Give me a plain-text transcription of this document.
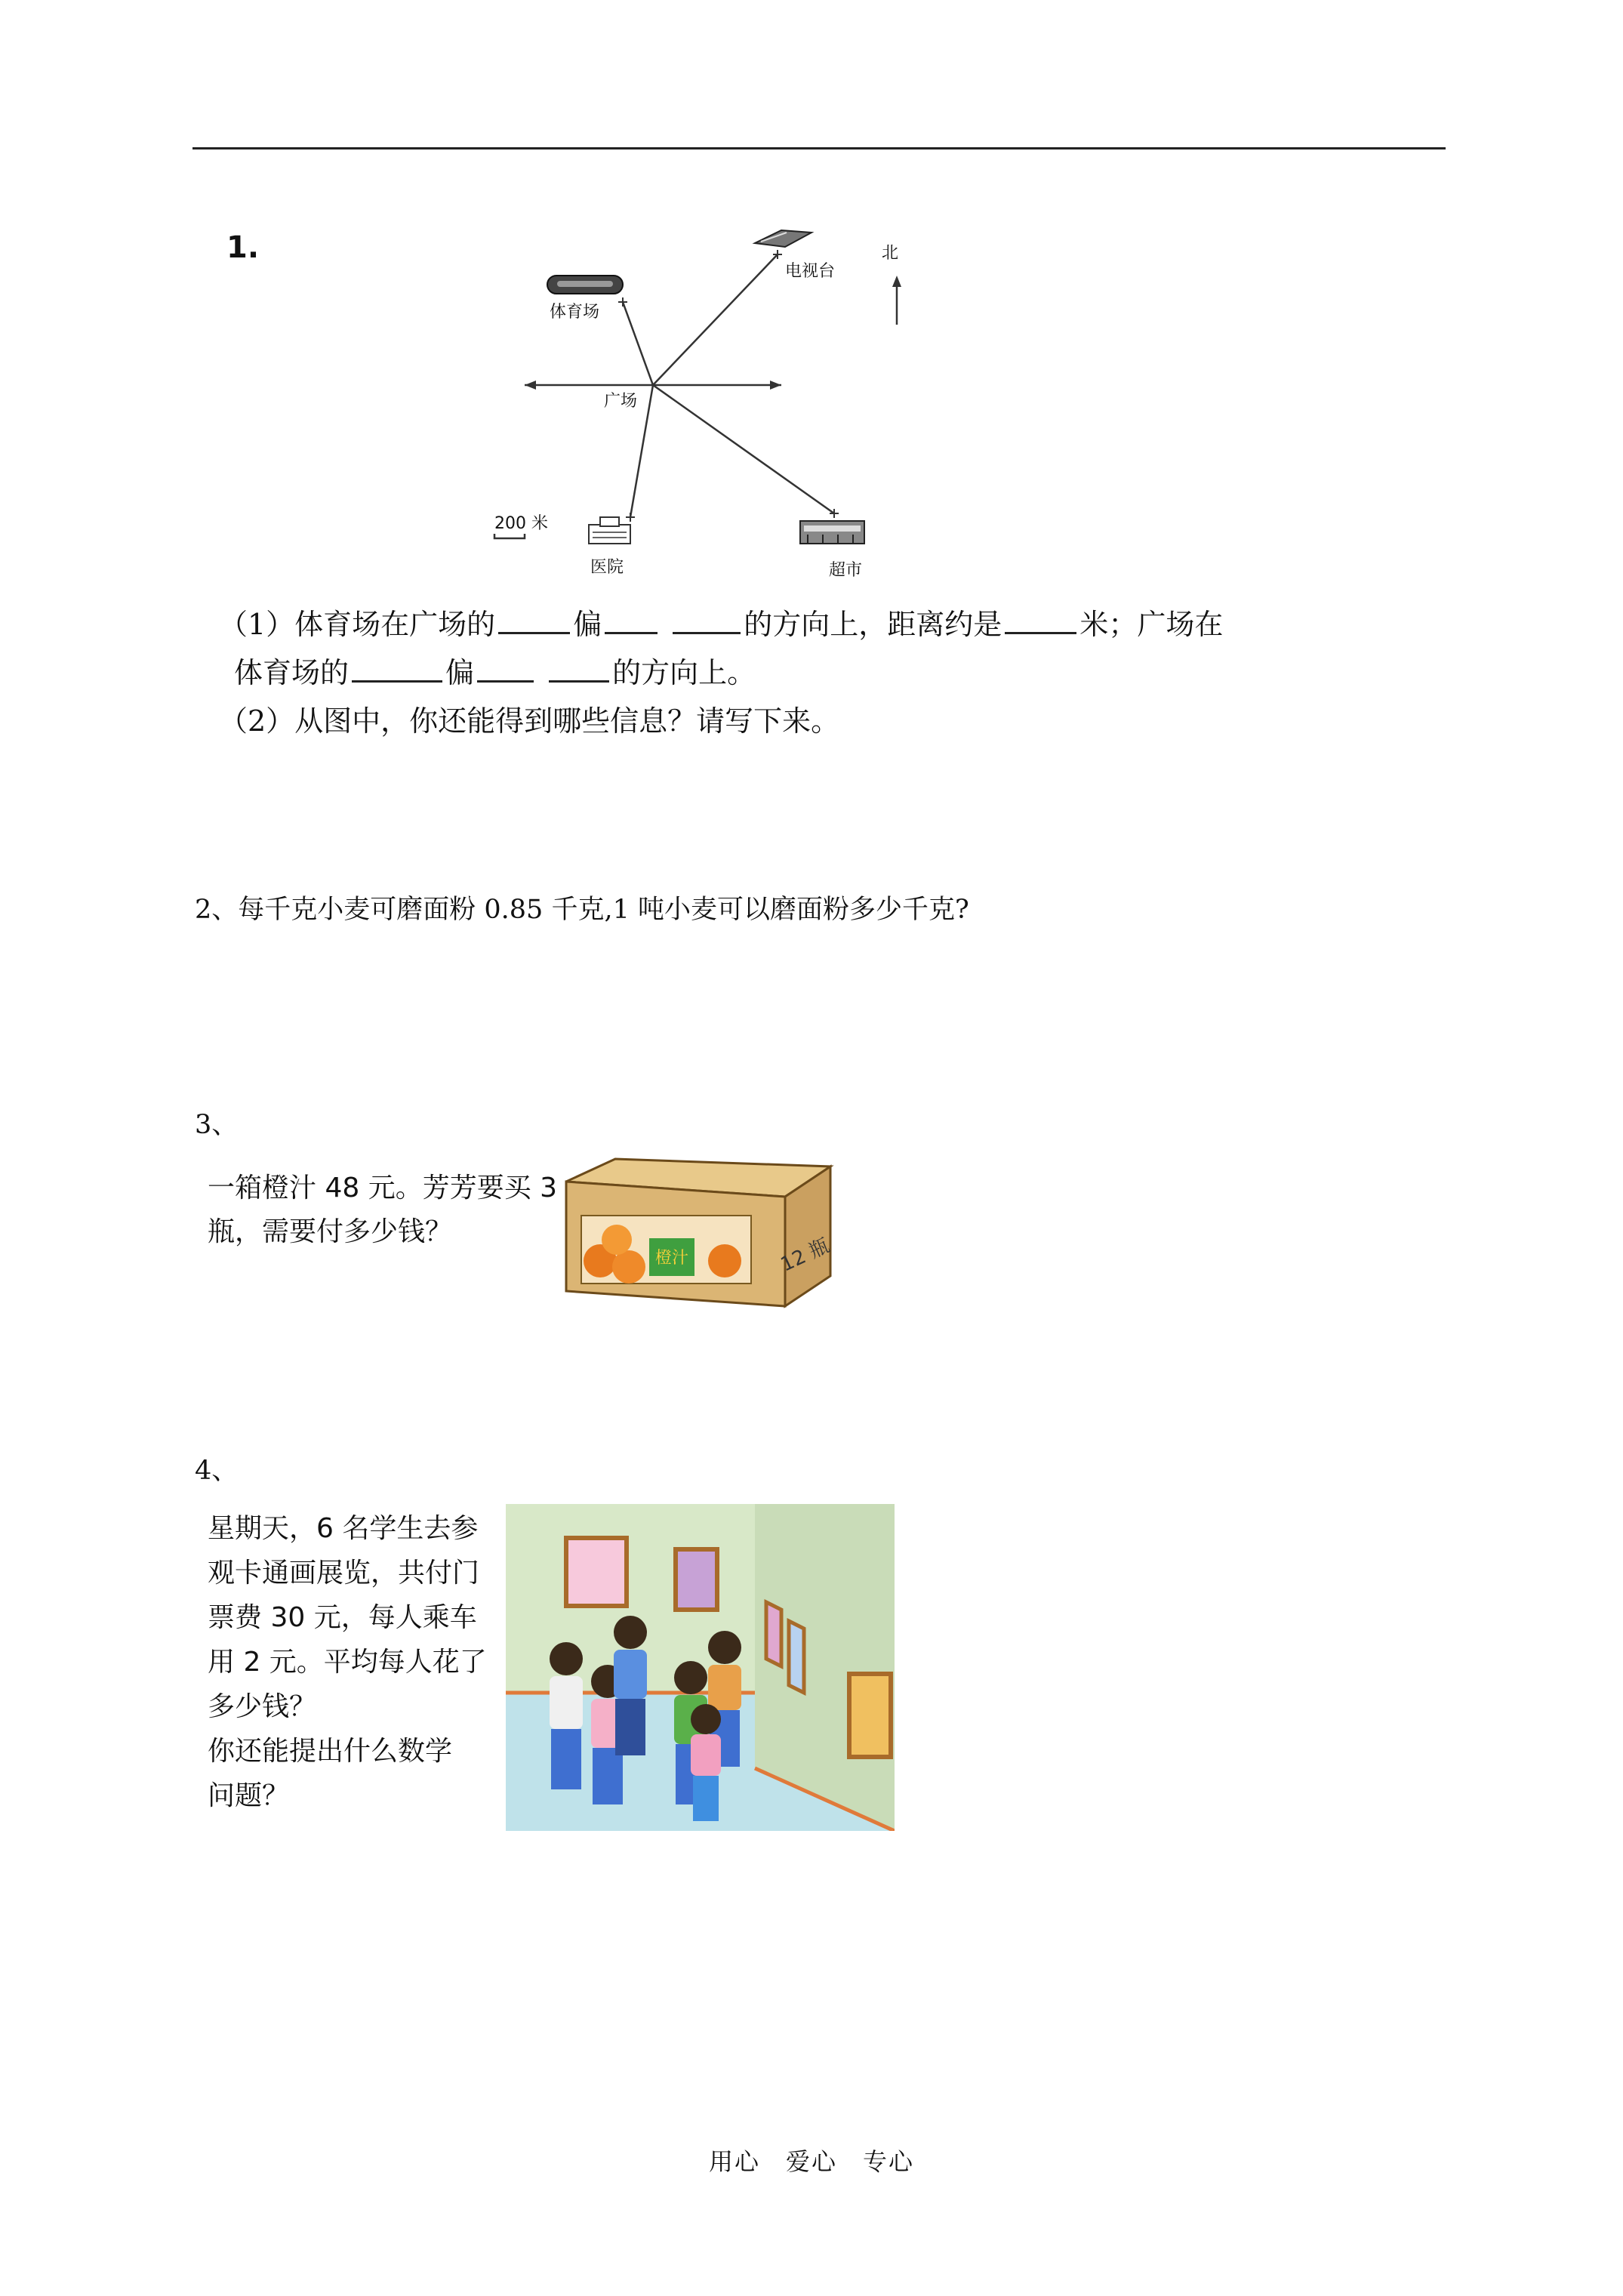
1.	北
电视台
体育场
广场
200 米
医院	超市
（1）体育场在广场的	偏	的方向上，距离约是	米；广场在
体育场的	偏	的方向上。
（2）从图中，你还能得到哪些信息？请写下来。
2、每千克小麦可磨面粉 0.85 千克,1 吨小麦可以磨面粉多少千克?
3、
一箱橙汁 48 元。芳芳要买 3
瓶，需要付多少钱？
橙汁	12 瓶
4、
星期天，6 名学生去参
观卡通画展览，共付门
票费 30 元，每人乘车
用 2 元。平均每人花了
多少钱？
你还能提出什么数学
问题？
用心　爱心　专心
